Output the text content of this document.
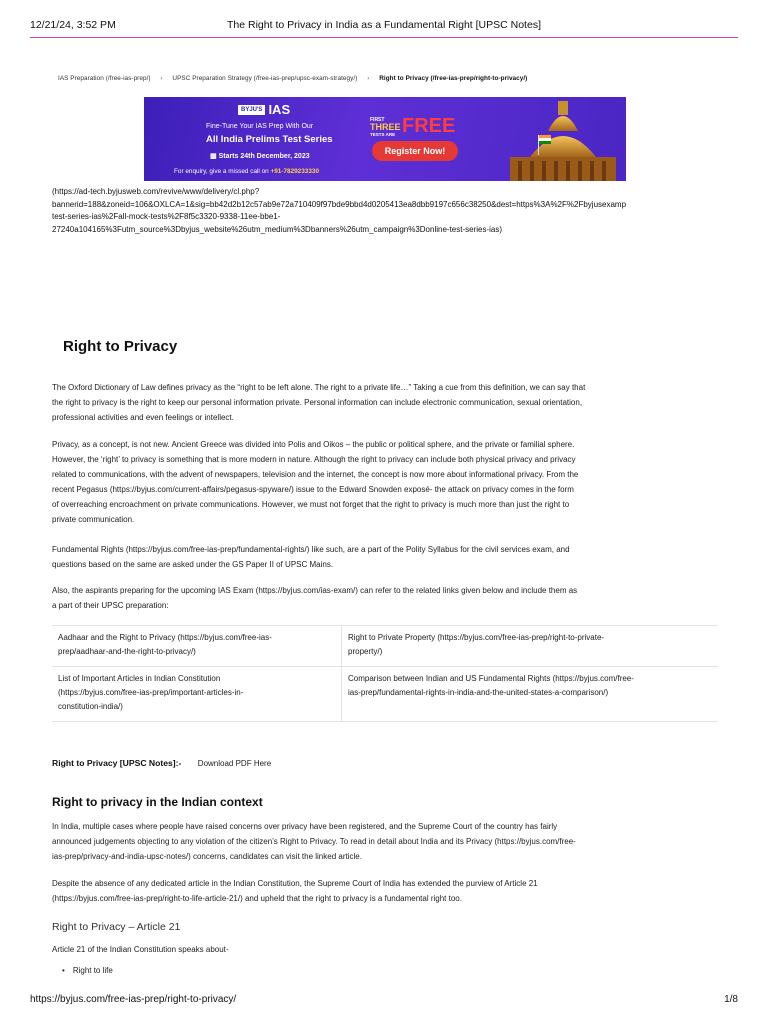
12/21/24, 3:52 PM	The Right to Privacy in India as a Fundamental Right [UPSC Notes]
IAS Preparation (/free-ias-prep/) › UPSC Preparation Strategy (/free-ias-prep/upsc-exam-strategy/) › Right to Privacy (/free-ias-prep/right-to-privacy/)
BYJU'S IAS
Fine-Tune Your IAS Prep With Our
All India Prelims Test Series
▦ Starts 24th December, 2023
For enquiry, give a missed call on +91-7829233330
FIRST
THREE
TESTS ARE FREE
Register Now!
(https://ad-tech.byjusweb.com/revive/www/delivery/cl.php?
bannerid=188&zoneid=106&OXLCA=1&sig=bb42d2b12c57ab9e72a710409f97bde9bbd4d0205413ea8dbb9197c656c38250&dest=https%3A%2F%2Fbyjusexamp
test-series-ias%2Fall-mock-tests%2F8f5c3320-9338-11ee-bbe1-
27240a104165%3Futm_source%3Dbyjus_website%26utm_medium%3Dbanners%26utm_campaign%3Donline-test-series-ias)
Right to Privacy
The Oxford Dictionary of Law defines privacy as the “right to be left alone. The right to a private life…” Taking a cue from this definition, we can say that
the right to privacy is the right to keep our personal information private. Personal information can include electronic communication, sexual orientation,
professional activities and even feelings or intellect.
Privacy, as a concept, is not new. Ancient Greece was divided into Polis and Oikos – the public or political sphere, and the private or familial sphere.
However, the ‘right’ to privacy is something that is more modern in nature. Although the right to privacy can include both physical privacy and privacy
related to communications, with the advent of newspapers, television and the internet, the concept is now more about informational privacy. From the
recent Pegasus (https://byjus.com/current-affairs/pegasus-spyware/) issue to the Edward Snowden exposé- the attack on privacy comes in the form
of overreaching encroachment on private communications. However, we must not forget that the right to privacy is much more than just the right to
private communication.
Fundamental Rights (https://byjus.com/free-ias-prep/fundamental-rights/) like such, are a part of the Polity Syllabus for the civil services exam, and
questions based on the same are asked under the GS Paper II of UPSC Mains.
Also, the aspirants preparing for the upcoming IAS Exam (https://byjus.com/ias-exam/) can refer to the related links given below and include them as
a part of their UPSC preparation:
Aadhaar and the Right to Privacy (https://byjus.com/free-ias-
prep/aadhaar-and-the-right-to-privacy/)	Right to Private Property (https://byjus.com/free-ias-prep/right-to-private-
property/)

List of Important Articles in Indian Constitution
(https://byjus.com/free-ias-prep/important-articles-in-
constitution-india/)	Comparison between Indian and US Fundamental Rights (https://byjus.com/free-
ias-prep/fundamental-rights-in-india-and-the-united-states-a-comparison/)
Right to Privacy [UPSC Notes]:- Download PDF Here
Right to privacy in the Indian context
In India, multiple cases where people have raised concerns over privacy have been registered, and the Supreme Court of the country has fairly
announced judgements objecting to any violation of the citizen’s Right to Privacy. To read in detail about India and its Privacy (https://byjus.com/free-
ias-prep/privacy-and-india-upsc-notes/) concerns, candidates can visit the linked article.
Despite the absence of any dedicated article in the Indian Constitution, the Supreme Court of India has extended the purview of Article 21
(https://byjus.com/free-ias-prep/right-to-life-article-21/) and upheld that the right to privacy is a fundamental right too.
Right to Privacy – Article 21
Article 21 of the Indian Constitution speaks about-
• Right to life
https://byjus.com/free-ias-prep/right-to-privacy/	1/8
